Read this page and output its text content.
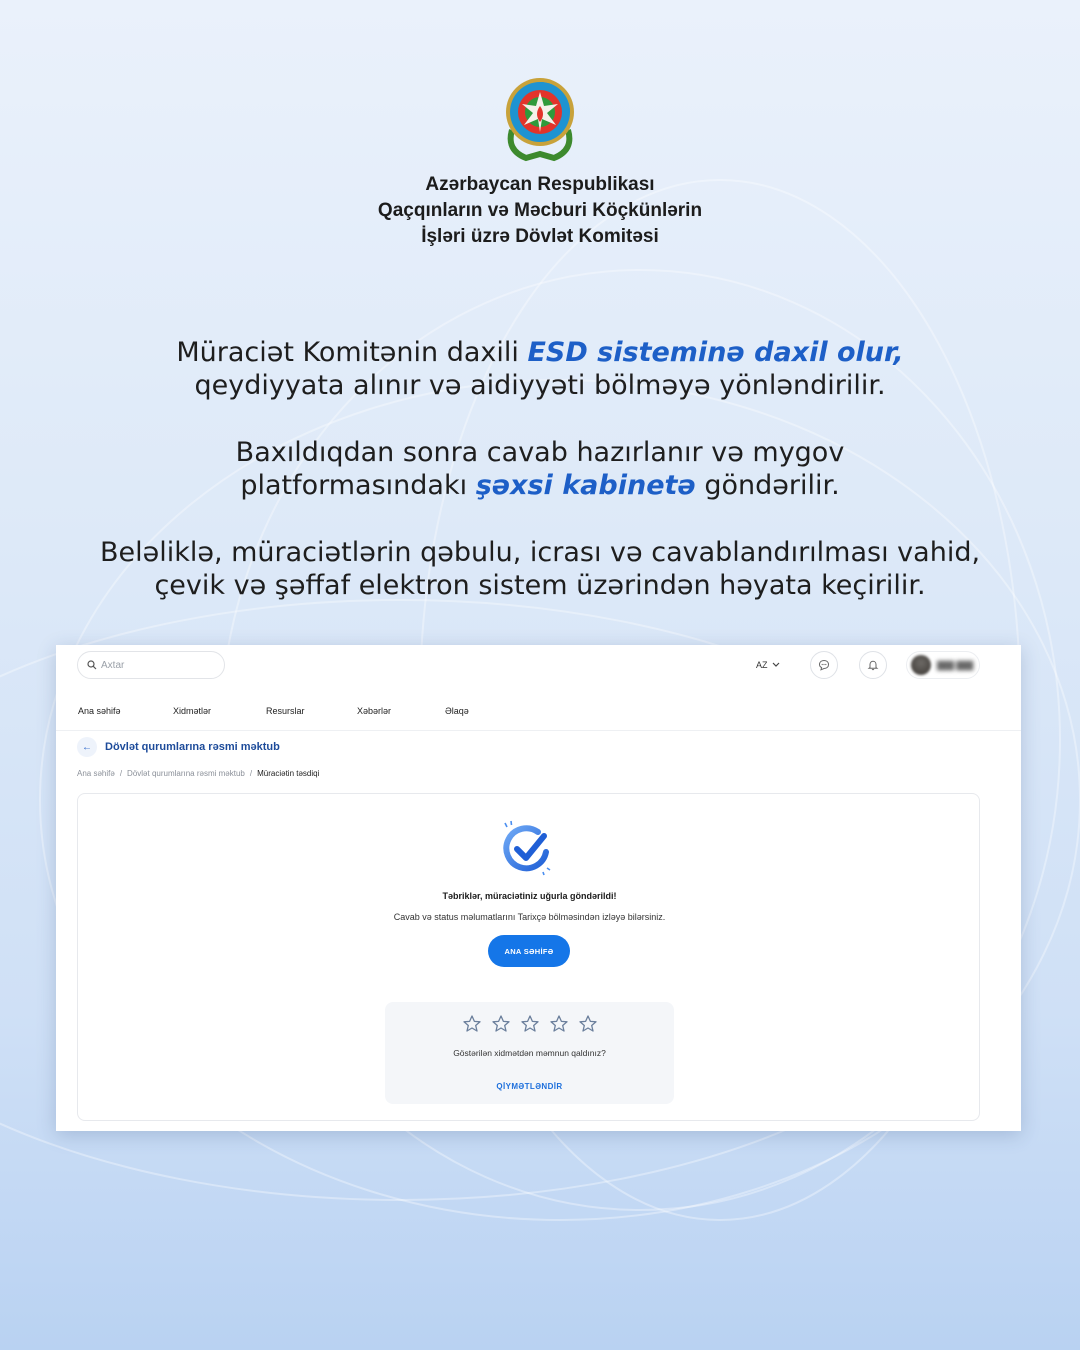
Azərbaycan Respublikası
Qaçqınların və Məcburi Köçkünlərin
İşləri üzrə Dövlət Komitəsi
Müraciət Komitənin daxili ESD sisteminə daxil olur,
qeydiyyata alınır və aidiyyəti bölməyə yönləndirilir.
Baxıldıqdan sonra cavab hazırlanır və mygov
platformasındakı şəxsi kabinetə göndərilir.
Beləliklə, müraciətlərin qəbulu, icrası və cavablandırılması vahid,
çevik və şəffaf elektron sistem üzərindən həyata keçirilir.
Axtar	AZ	███ ███
Ana səhifə	Xidmətlər	Resurslar	Xəbərlər	Əlaqə
← Dövlət qurumlarına rəsmi məktub
Ana səhifə / Dövlət qurumlarına rəsmi məktub / Müraciətin təsdiqi
Təbriklər, müraciətiniz uğurla göndərildi!
Cavab və status məlumatlarını Tarixçə bölməsindən izləyə bilərsiniz.
ANA SƏHİFƏ
Göstərilən xidmətdən məmnun qaldınız?
QİYMƏTLƏNDİR
